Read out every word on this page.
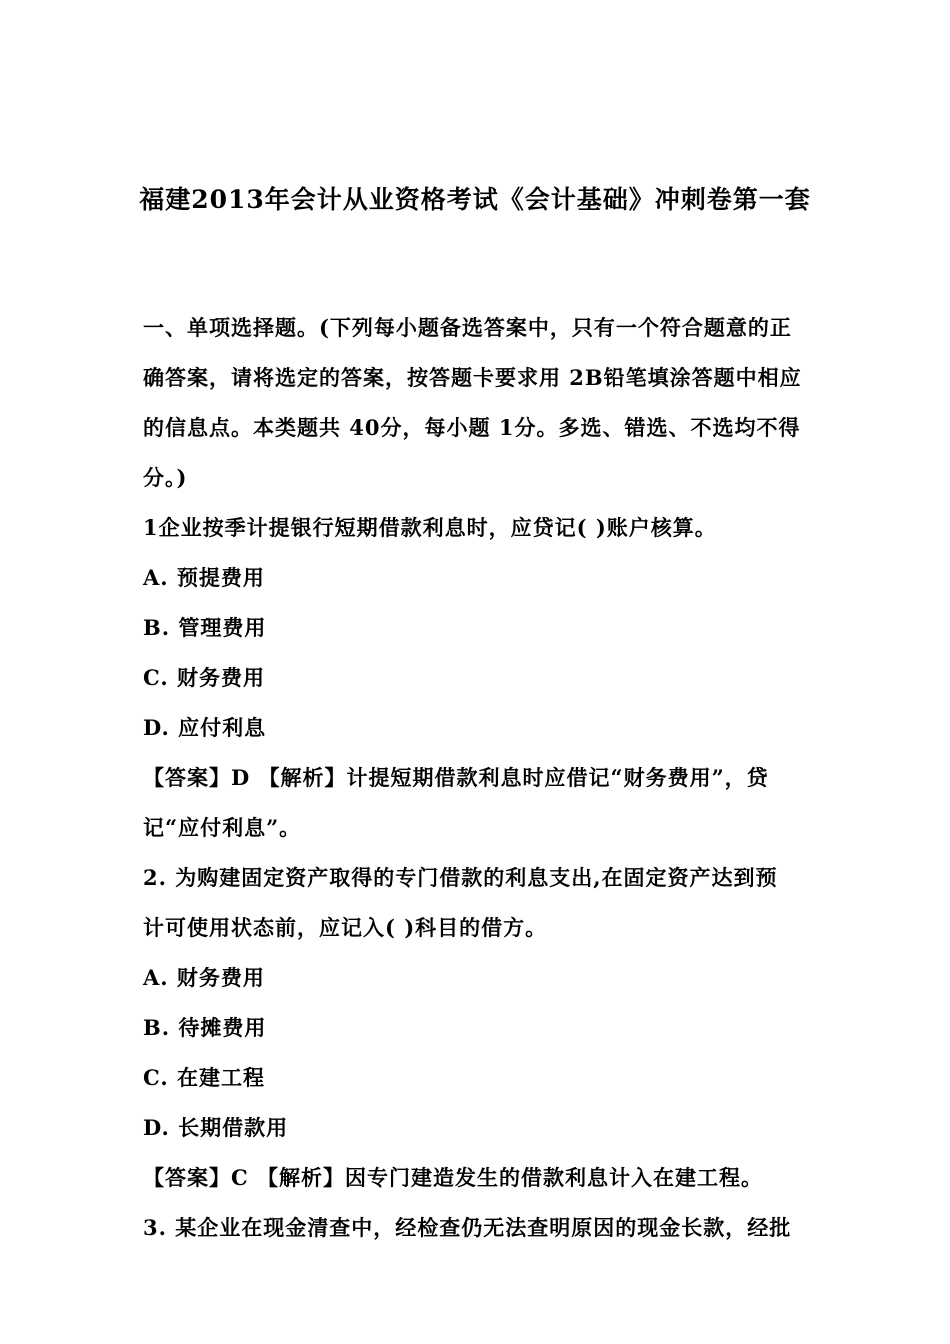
福建2013年会计从业资格考试《会计基础》冲刺卷第一套
一、单项选择题。(下列每小题备选答案中，只有一个符合题意的正
确答案，请将选定的答案，按答题卡要求用 2B铅笔填涂答题中相应
的信息点。本类题共 40分，每小题 1分。多选、错选、不选均不得
分。)
1企业按季计提银行短期借款利息时，应贷记( )账户核算。
A. 预提费用
B. 管理费用
C. 财务费用
D. 应付利息
【答案】D 【解析】计提短期借款利息时应借记“财务费用”，贷
记“应付利息”。
2. 为购建固定资产取得的专门借款的利息支出,在固定资产达到预
计可使用状态前，应记入( )科目的借方。
A. 财务费用
B. 待摊费用
C. 在建工程
D. 长期借款用
【答案】C 【解析】因专门建造发生的借款利息计入在建工程。
3. 某企业在现金清查中，经检查仍无法查明原因的现金长款，经批
